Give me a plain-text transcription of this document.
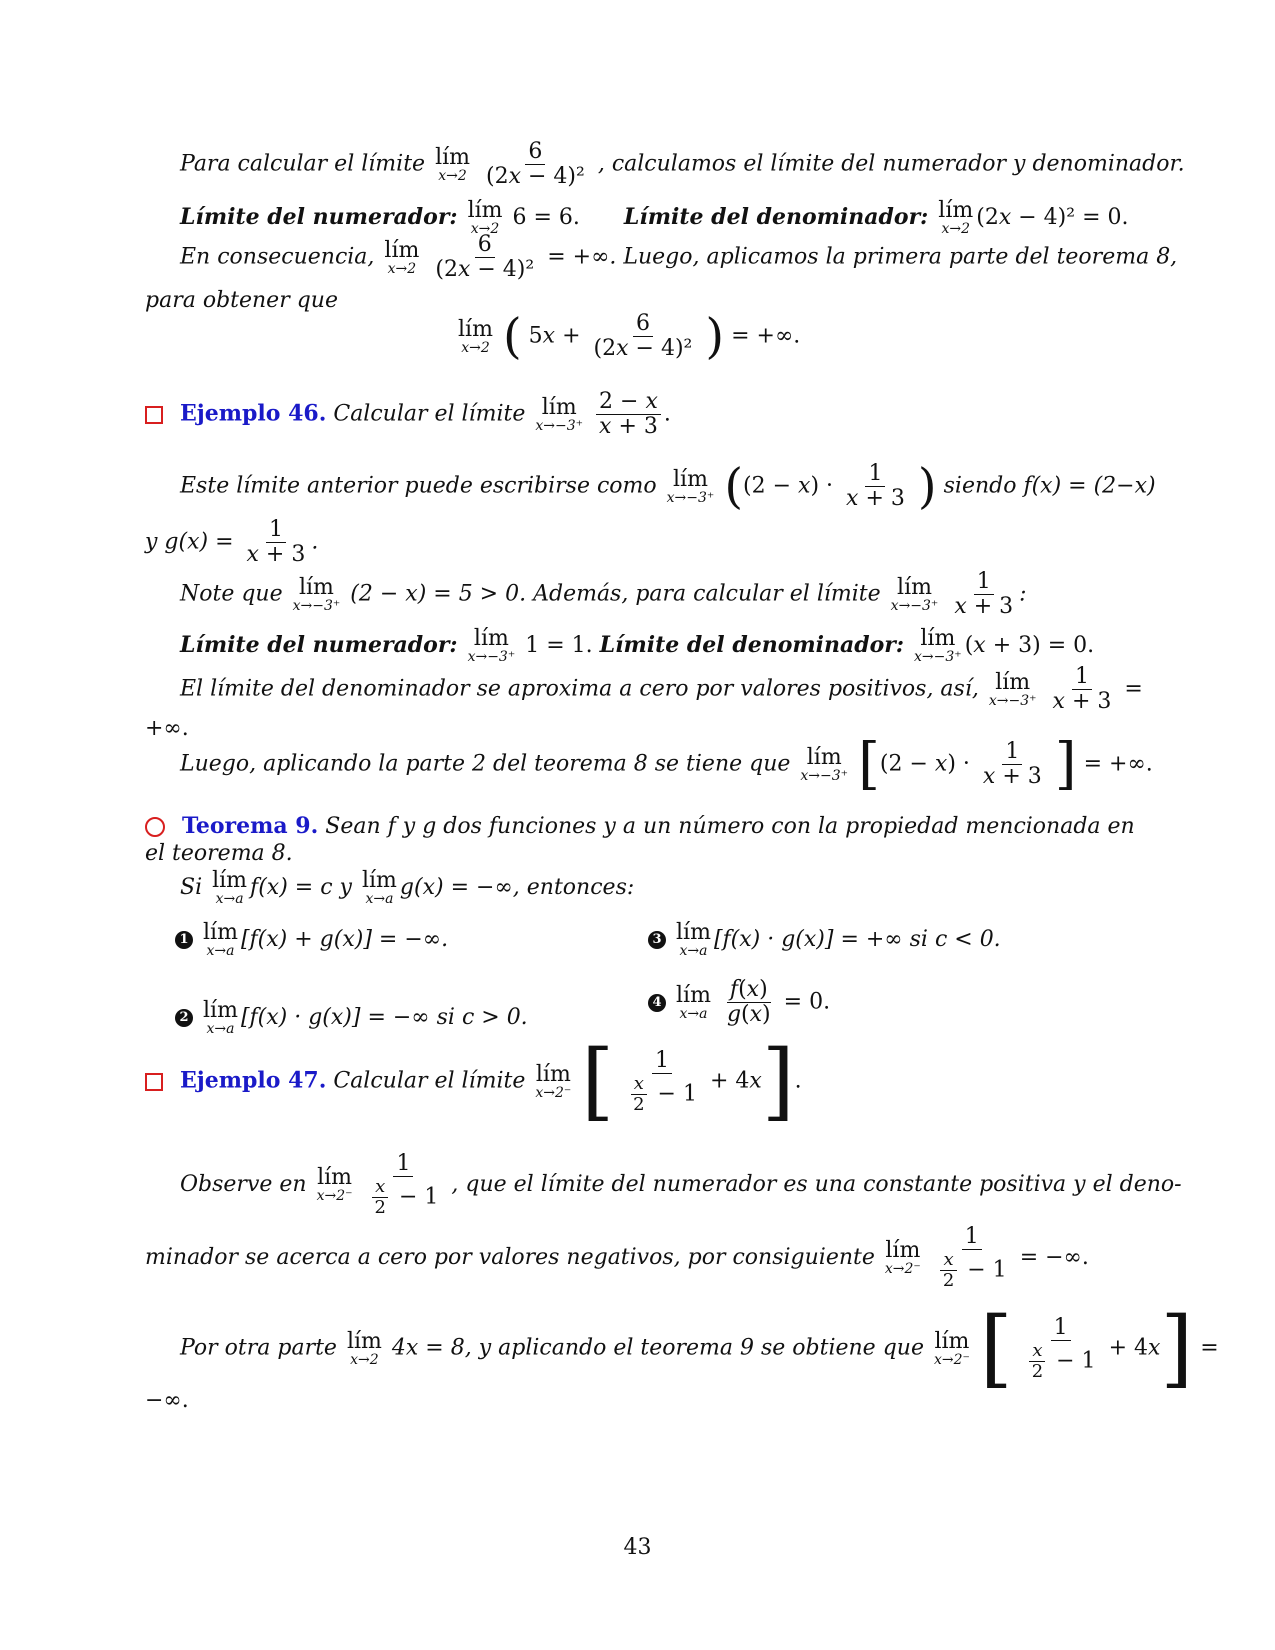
Para calcular el límite lím
x→2
$\frac{6}{\text{(2x − 4)²}}$ , calculamos el límite del numerador y denominador.
Límite del numerador: lím
x→2 6 = 6.  Límite del denominador: lím
x→2 (2x − 4)² = 0.
En consecuencia, lím
x→2
$\frac{6}{\text{(2x − 4)²}}$ = +∞. Luego, aplicamos la primera parte del teorema 8,
para obtener que
lím
x→2 ( $5x + \frac{6}{\text{(2x − 4)²}}$ ) = +∞.
Ejemplo 46. Calcular el límite lím
x→−3⁺
$\frac{2 - x}{x + 3}$ .
Este límite anterior puede escribirse como lím
x→−3⁺ ($(2 - x) \cdot \frac{1}{x + 3}$ ) siendo f(x) = (2−x)
y $g(x) = \frac{1}{x + 3}$ .
Note que lím
x→−3⁺ (2 − x) = 5 > 0. Además, para calcular el límite lím
x→−3⁺
$\frac{1}{x + 3}$ :
Límite del numerador: lím
x→−3⁺ 1 = 1. Límite del denominador: lím
x→−3⁺ (x + 3) = 0.
El límite del denominador se aproxima a cero por valores positivos, así, lím
x→−3⁺
$\frac{1}{x + 3}$ =
+∞.
Luego, aplicando la parte 2 del teorema 8 se tiene que lím
x→−3⁺ [$(2 - x) \cdot \frac{1}{x + 3}$ ] = +∞.
Teorema 9. Sean f y g dos funciones y a un número con la propiedad mencionada en
el teorema 8.
Si lím
x→a f(x) = c y lím
x→a g(x) = −∞, entonces:
1 lím
x→a [f(x) + g(x)] = −∞.
2 lím
x→a [f(x) · g(x)] = −∞ si c > 0.
3 lím
x→a [f(x) · g(x)] = +∞ si c < 0.
4 lím
x→a
$\frac{f(x)}{g(x)} = 0$.
Ejemplo 47. Calcular el límite lím
x→2⁻ [ $\frac{1}{\frac{x}{2} - 1} + 4x$].
Observe en lím
x→2⁻
$\frac{1}{\frac{x}{2} - 1}$ , que el límite del numerador es una constante positiva y el deno-
minador se acerca a cero por valores negativos, por consiguiente lím
x→2⁻
$\frac{1}{\frac{x}{2} - 1}$ = −∞.
Por otra parte lím
x→2 4x = 8, y aplicando el teorema 9 se obtiene que lím
x→2⁻ [ $\frac{1}{\frac{x}{2} - 1} + 4x$] =
−∞.
43
